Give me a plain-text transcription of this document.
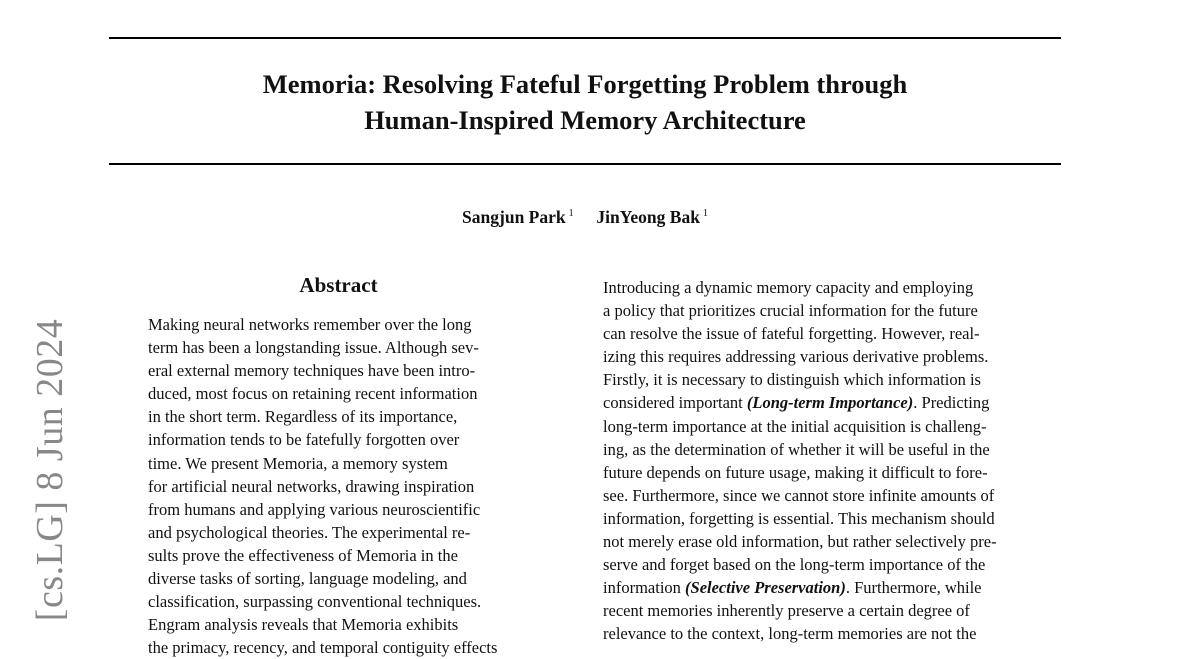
Memoria: Resolving Fateful Forgetting Problem through
Human-Inspired Memory Architecture
Sangjun Park $^1$ JinYeong Bak $^1$
[cs.LG] 8 Jun 2024
Abstract
Making neural networks remember over the long
term has been a longstanding issue. Although sev-
eral external memory techniques have been intro-
duced, most focus on retaining recent information
in the short term. Regardless of its importance,
information tends to be fatefully forgotten over
time. We present Memoria, a memory system
for artificial neural networks, drawing inspiration
from humans and applying various neuroscientific
and psychological theories. The experimental re-
sults prove the effectiveness of Memoria in the
diverse tasks of sorting, language modeling, and
classification, surpassing conventional techniques.
Engram analysis reveals that Memoria exhibits
the primacy, recency, and temporal contiguity effects
Introducing a dynamic memory capacity and employing
a policy that prioritizes crucial information for the future
can resolve the issue of fateful forgetting. However, real-
izing this requires addressing various derivative problems.
Firstly, it is necessary to distinguish which information is
considered important (Long-term Importance). Predicting
long-term importance at the initial acquisition is challeng-
ing, as the determination of whether it will be useful in the
future depends on future usage, making it difficult to fore-
see. Furthermore, since we cannot store infinite amounts of
information, forgetting is essential. This mechanism should
not merely erase old information, but rather selectively pre-
serve and forget based on the long-term importance of the
information (Selective Preservation). Furthermore, while
recent memories inherently preserve a certain degree of
relevance to the context, long-term memories are not the
